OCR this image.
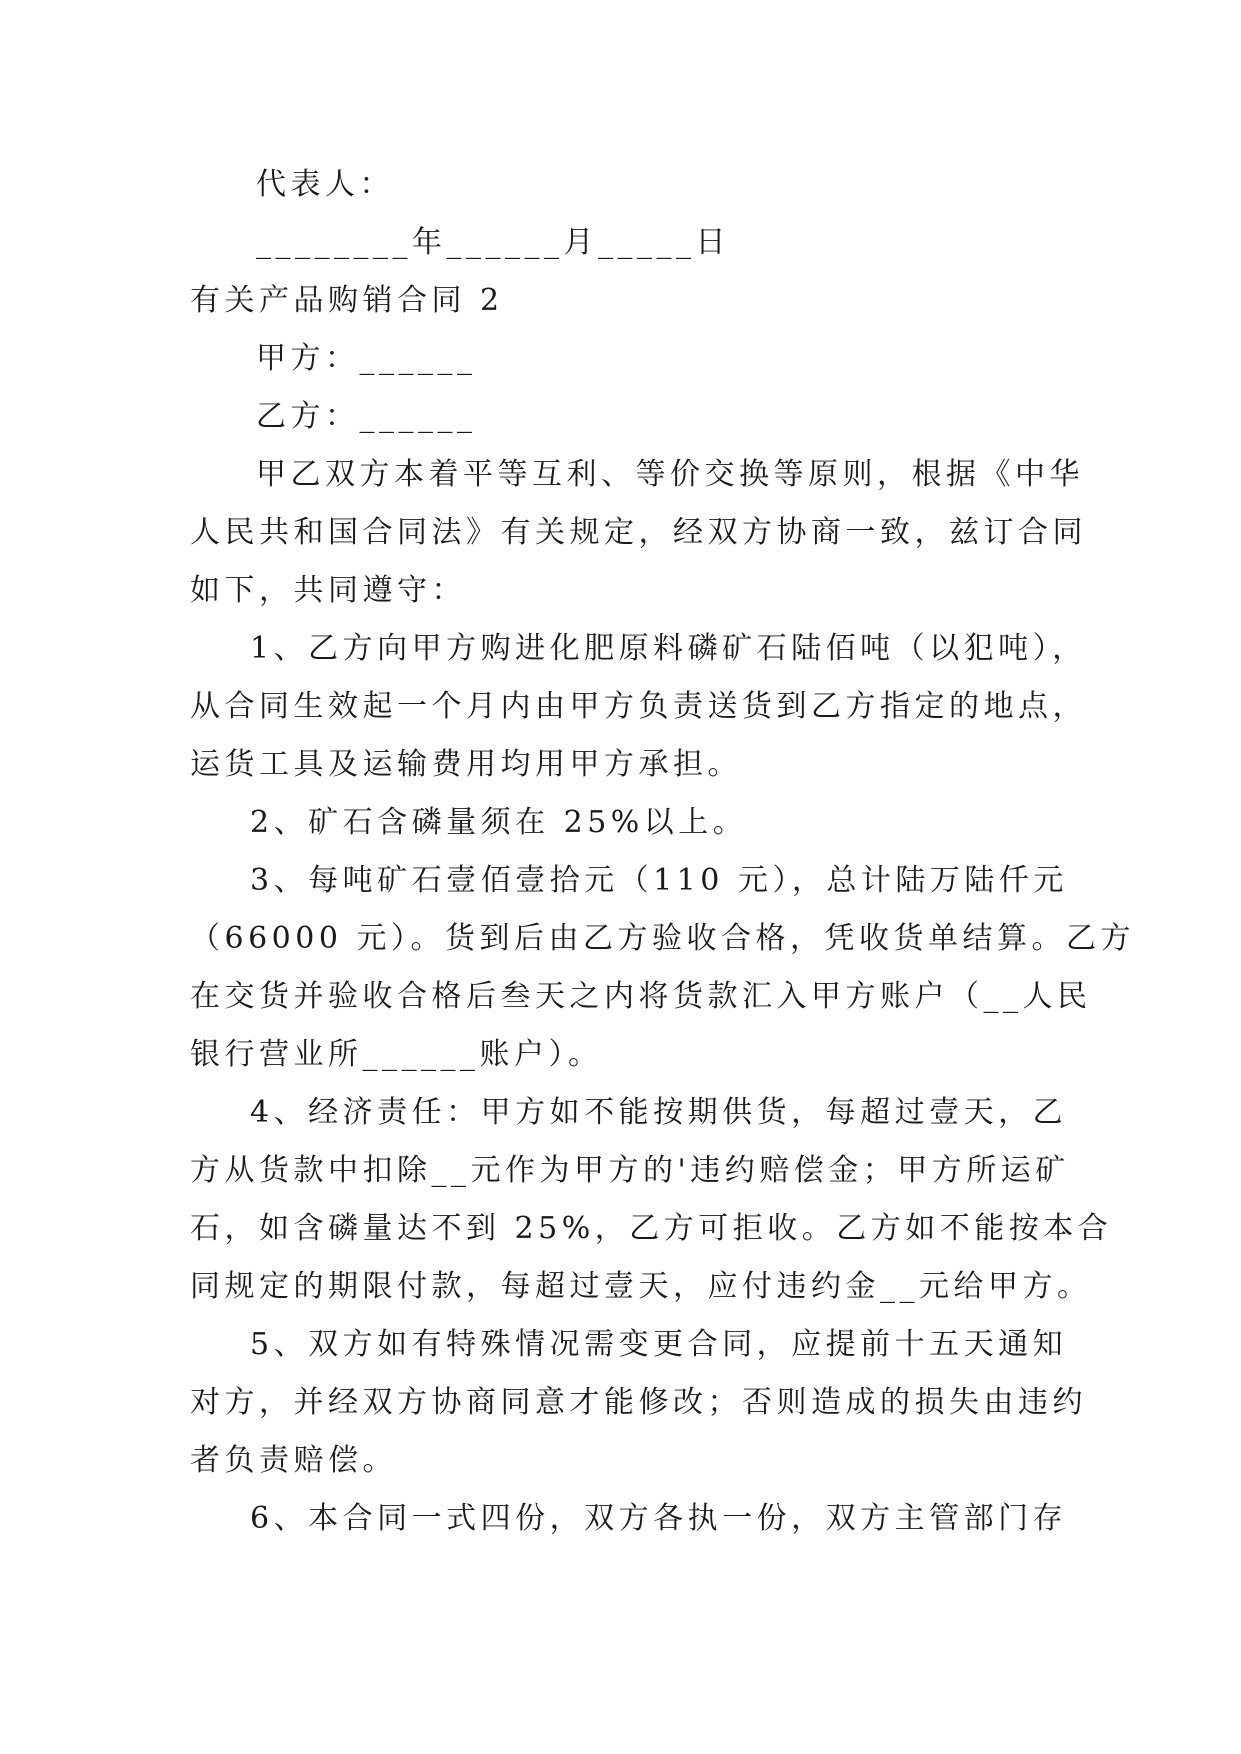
代表人：
________年______月_____日
有关产品购销合同 2
甲方：______
乙方：______
甲乙双方本着平等互利、等价交换等原则，根据《中华
人民共和国合同法》有关规定，经双方协商一致，兹订合同
如下，共同遵守：
1、乙方向甲方购进化肥原料磷矿石陆佰吨（以犯吨），
从合同生效起一个月内由甲方负责送货到乙方指定的地点，
运货工具及运输费用均用甲方承担。
2、矿石含磷量须在 25%以上。
3、每吨矿石壹佰壹拾元（110 元），总计陆万陆仟元
（66000 元）。货到后由乙方验收合格，凭收货单结算。乙方
在交货并验收合格后叁天之内将货款汇入甲方账户（__人民
银行营业所______账户）。
4、经济责任：甲方如不能按期供货，每超过壹天，乙
方从货款中扣除__元作为甲方的'违约赔偿金；甲方所运矿
石，如含磷量达不到 25%，乙方可拒收。乙方如不能按本合
同规定的期限付款，每超过壹天，应付违约金__元给甲方。
5、双方如有特殊情况需变更合同，应提前十五天通知
对方，并经双方协商同意才能修改；否则造成的损失由违约
者负责赔偿。
6、本合同一式四份，双方各执一份，双方主管部门存
